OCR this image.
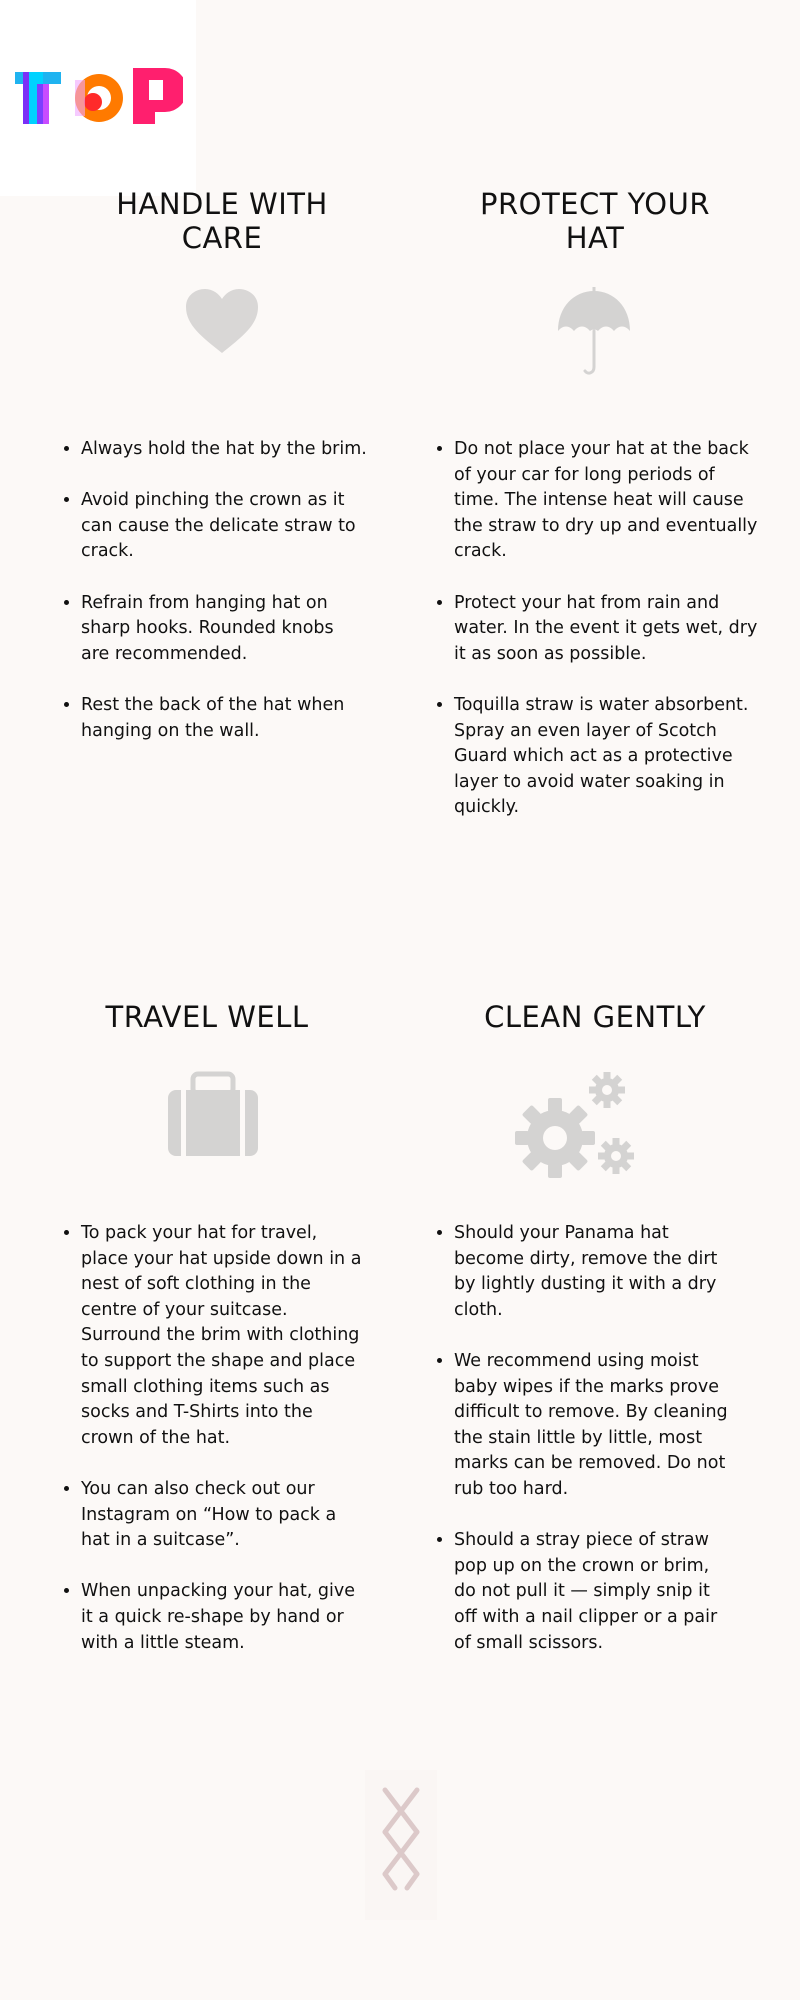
TOP
HANDLE WITH CARE
• Always hold the hat by the brim.
• Avoid pinching the crown as it can cause the delicate straw to crack.
• Refrain from hanging hat on sharp hooks. Rounded knobs are recommended.
• Rest the back of the hat when hanging on the wall.
PROTECT YOUR HAT
• Do not place your hat at the back of your car for long periods of time. The intense heat will cause the straw to dry up and eventually crack.
• Protect your hat from rain and water. In the event it gets wet, dry it as soon as possible.
• Toquilla straw is water absorbent. Spray an even layer of Scotch Guard which act as a protective layer to avoid water soaking in quickly.
TRAVEL WELL
• To pack your hat for travel, place your hat upside down in a nest of soft clothing in the centre of your suitcase. Surround the brim with clothing to support the shape and place small clothing items such as socks and T-Shirts into the crown of the hat.
• You can also check out our Instagram on “How to pack a hat in a suitcase”.
• When unpacking your hat, give it a quick re-shape by hand or with a little steam.
CLEAN GENTLY
• Should your Panama hat become dirty, remove the dirt by lightly dusting it with a dry cloth.
• We recommend using moist baby wipes if the marks prove difficult to remove. By cleaning the stain little by little, most marks can be removed. Do not rub too hard.
• Should a stray piece of straw pop up on the crown or brim, do not pull it — simply snip it off with a nail clipper or a pair of small scissors.
